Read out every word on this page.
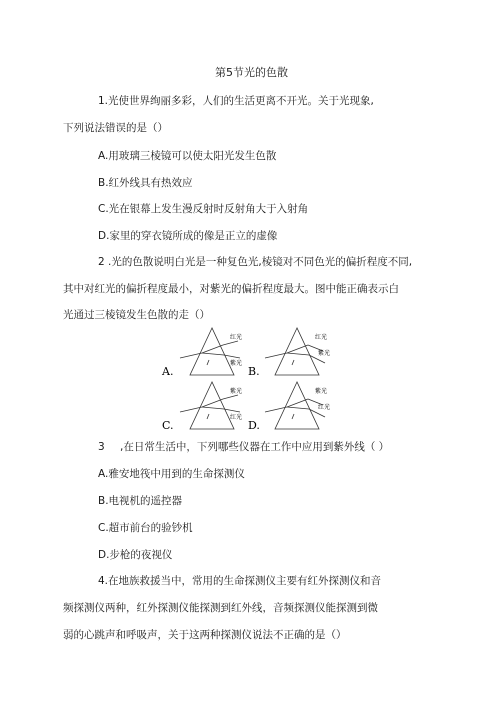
第5节光的色散
1.光使世界绚丽多彩，人们的生活更离不开光。关于光现象,
下列说法错误的是（）
A.用玻璃三棱镜可以使太阳光发生色散
B.红外线具有热效应
C.光在银幕上发生漫反射时反射角大于入射角
D.家里的穿衣镜所成的像是正立的虚像
2 .光的色散说明白光是一种复色光,棱镜对不同色光的偏折程度不同,
其中对红光的偏折程度最小，对紫光的偏折程度最大。图中能正确表示白
光通过三棱镜发生色散的走（）
A.	B.
C.	D.
红光
紫光
红光
紫光
紫光
红光
紫光
红光
3 ,在日常生活中，下列哪些仪器在工作中应用到紫外线（ ）
A.雅安地筏中用到的生命探测仪
B.电视机的遥控器
C.超市前台的验钞机
D.步枪的夜视仪
4.在地族救援当中，常用的生命探测仪主要有红外探测仪和音
频探测仪两种，红外探测仪能探测到红外线，音频探测仪能探测到微
弱的心跳声和呼吸声，关于这两种探测仪说法不正确的是（）
